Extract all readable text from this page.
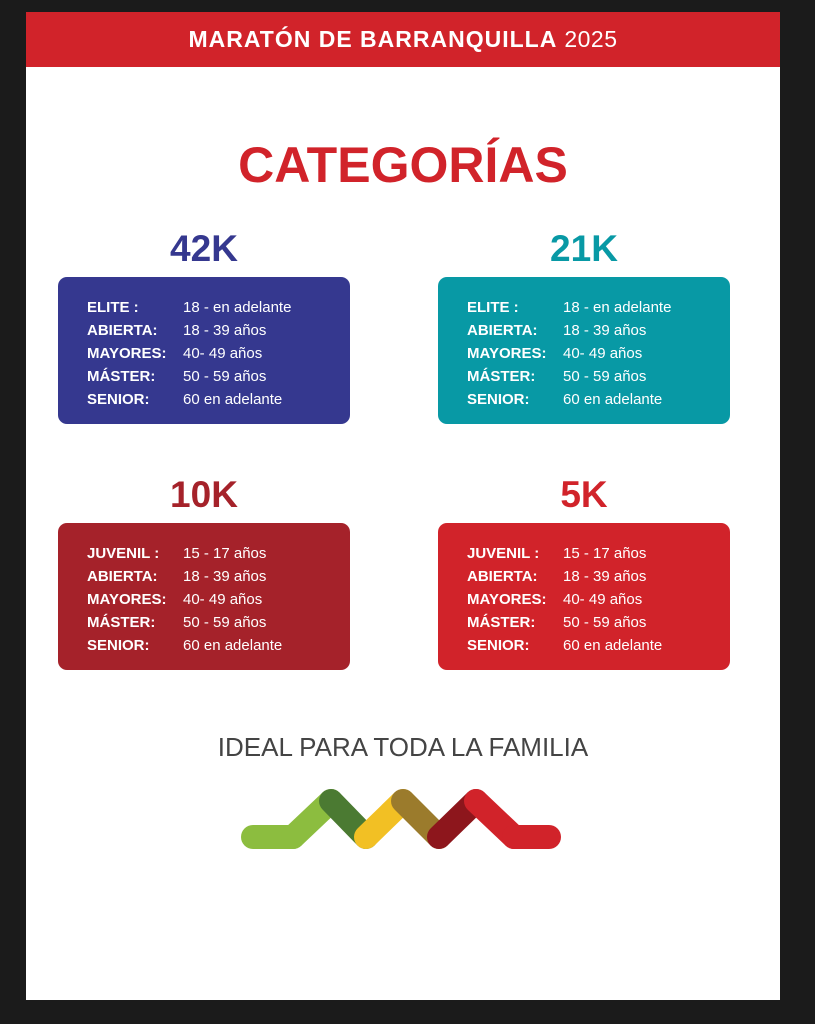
MARATÓN DE BARRANQUILLA 2025
CATEGORÍAS
42K
ELITE :	18 - en adelante
ABIERTA:	18 - 39 años
MAYORES:	40- 49 años
MÁSTER:	50 - 59 años
SENIOR:	60 en adelante
21K
ELITE :	18 - en adelante
ABIERTA:	18 - 39 años
MAYORES:	40- 49 años
MÁSTER:	50 - 59 años
SENIOR:	60 en adelante
10K
JUVENIL :	15 - 17 años
ABIERTA:	18 - 39 años
MAYORES:	40- 49 años
MÁSTER:	50 - 59 años
SENIOR:	60 en adelante
5K
JUVENIL :	15 - 17 años
ABIERTA:	18 - 39 años
MAYORES:	40- 49 años
MÁSTER:	50 - 59 años
SENIOR:	60 en adelante
IDEAL PARA TODA LA FAMILIA
